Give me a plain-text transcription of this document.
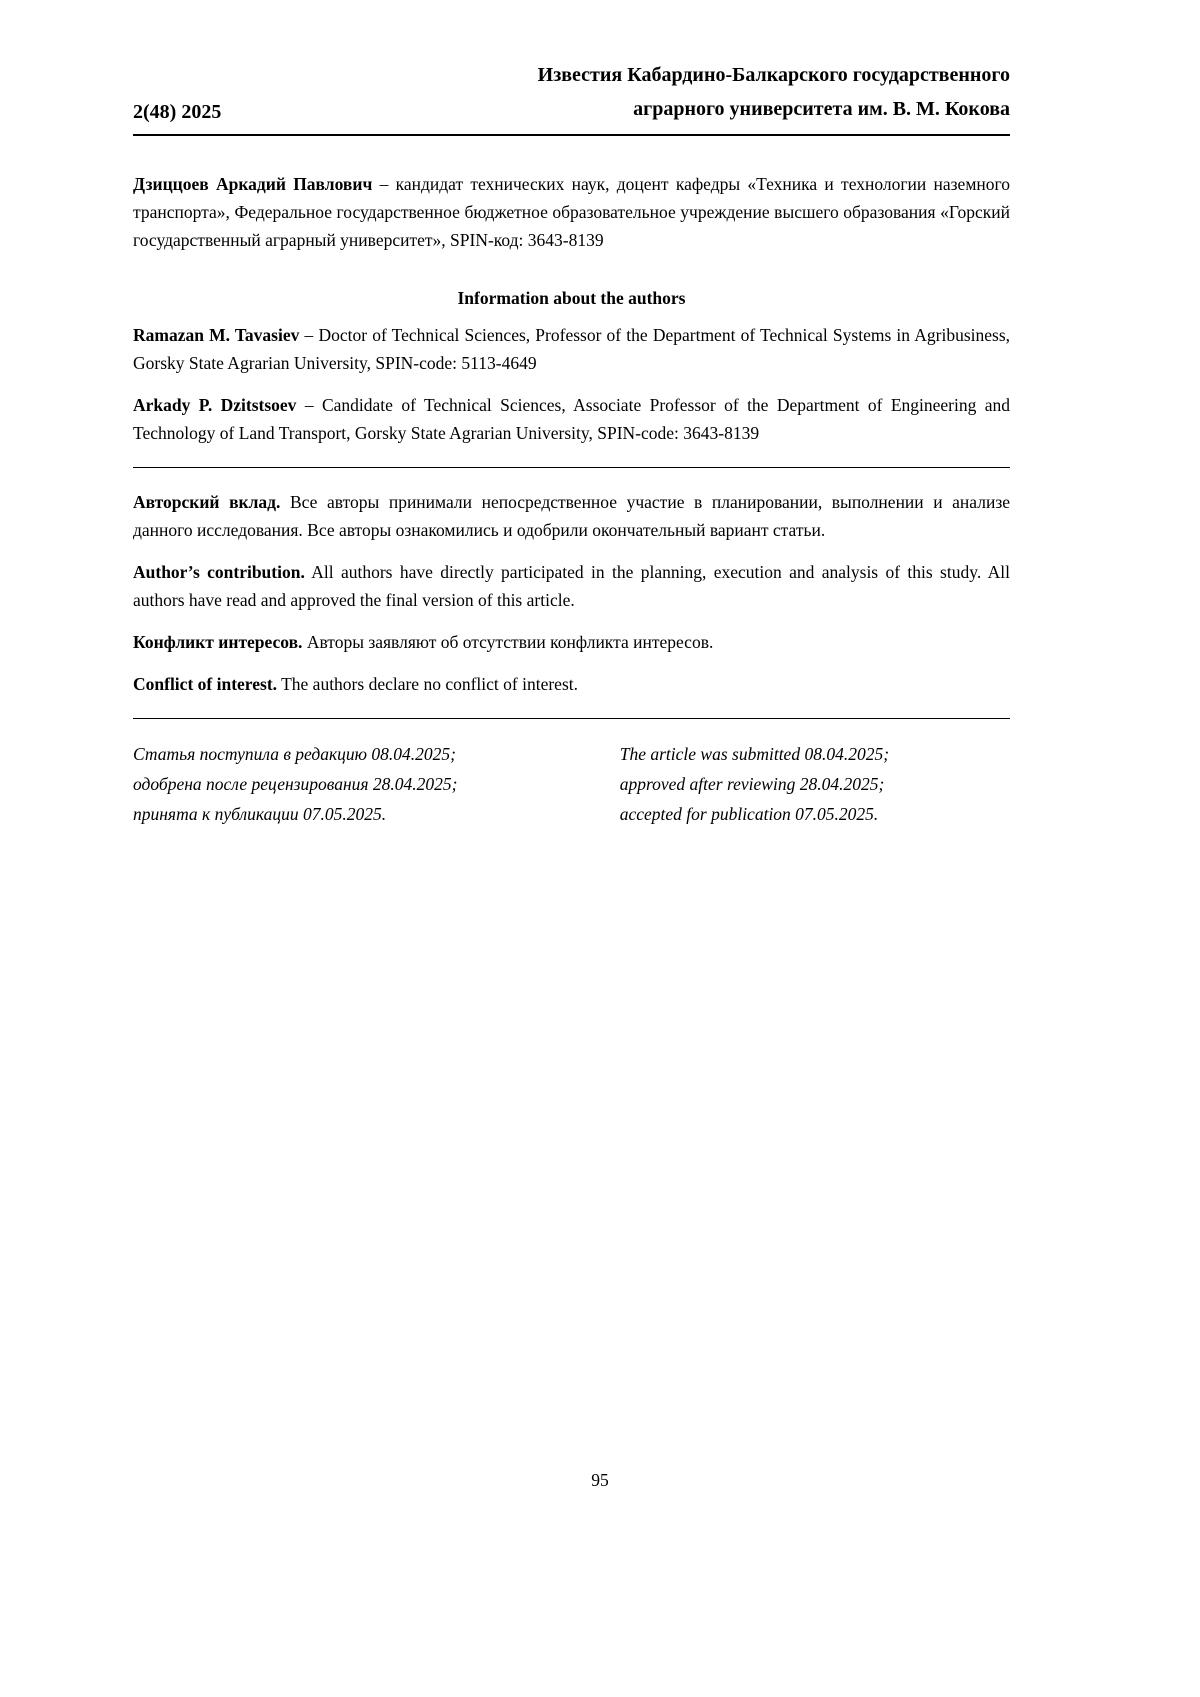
2(48) 2025
Известия Кабардино-Балкарского государственного
аграрного университета им. В. М. Кокова

Дзиццоев Аркадий Павлович – кандидат технических наук, доцент кафедры «Техника и технологии наземного транспорта», Федеральное государственное бюджетное образовательное учреждение высшего образования «Горский государственный аграрный университет», SPIN-код: 3643-8139

Information about the authors

Ramazan M. Tavasiev – Doctor of Technical Sciences, Professor of the Department of Technical Systems in Agribusiness, Gorsky State Agrarian University, SPIN-code: 5113-4649

Arkady P. Dzitstsoev – Candidate of Technical Sciences, Associate Professor of the Department of Engineering and Technology of Land Transport, Gorsky State Agrarian University, SPIN-code: 3643-8139

Авторский вклад. Все авторы принимали непосредственное участие в планировании, выполнении и анализе данного исследования. Все авторы ознакомились и одобрили окончательный вариант статьи.

Author’s contribution. All authors have directly participated in the planning, execution and analysis of this study. All authors have read and approved the final version of this article.

Конфликт интересов. Авторы заявляют об отсутствии конфликта интересов.

Conflict of interest. The authors declare no conflict of interest.

Статья поступила в редакцию 08.04.2025;
одобрена после рецензирования 28.04.2025;
принята к публикации 07.05.2025.
The article was submitted 08.04.2025;
approved after reviewing 28.04.2025;
accepted for publication 07.05.2025.
95
